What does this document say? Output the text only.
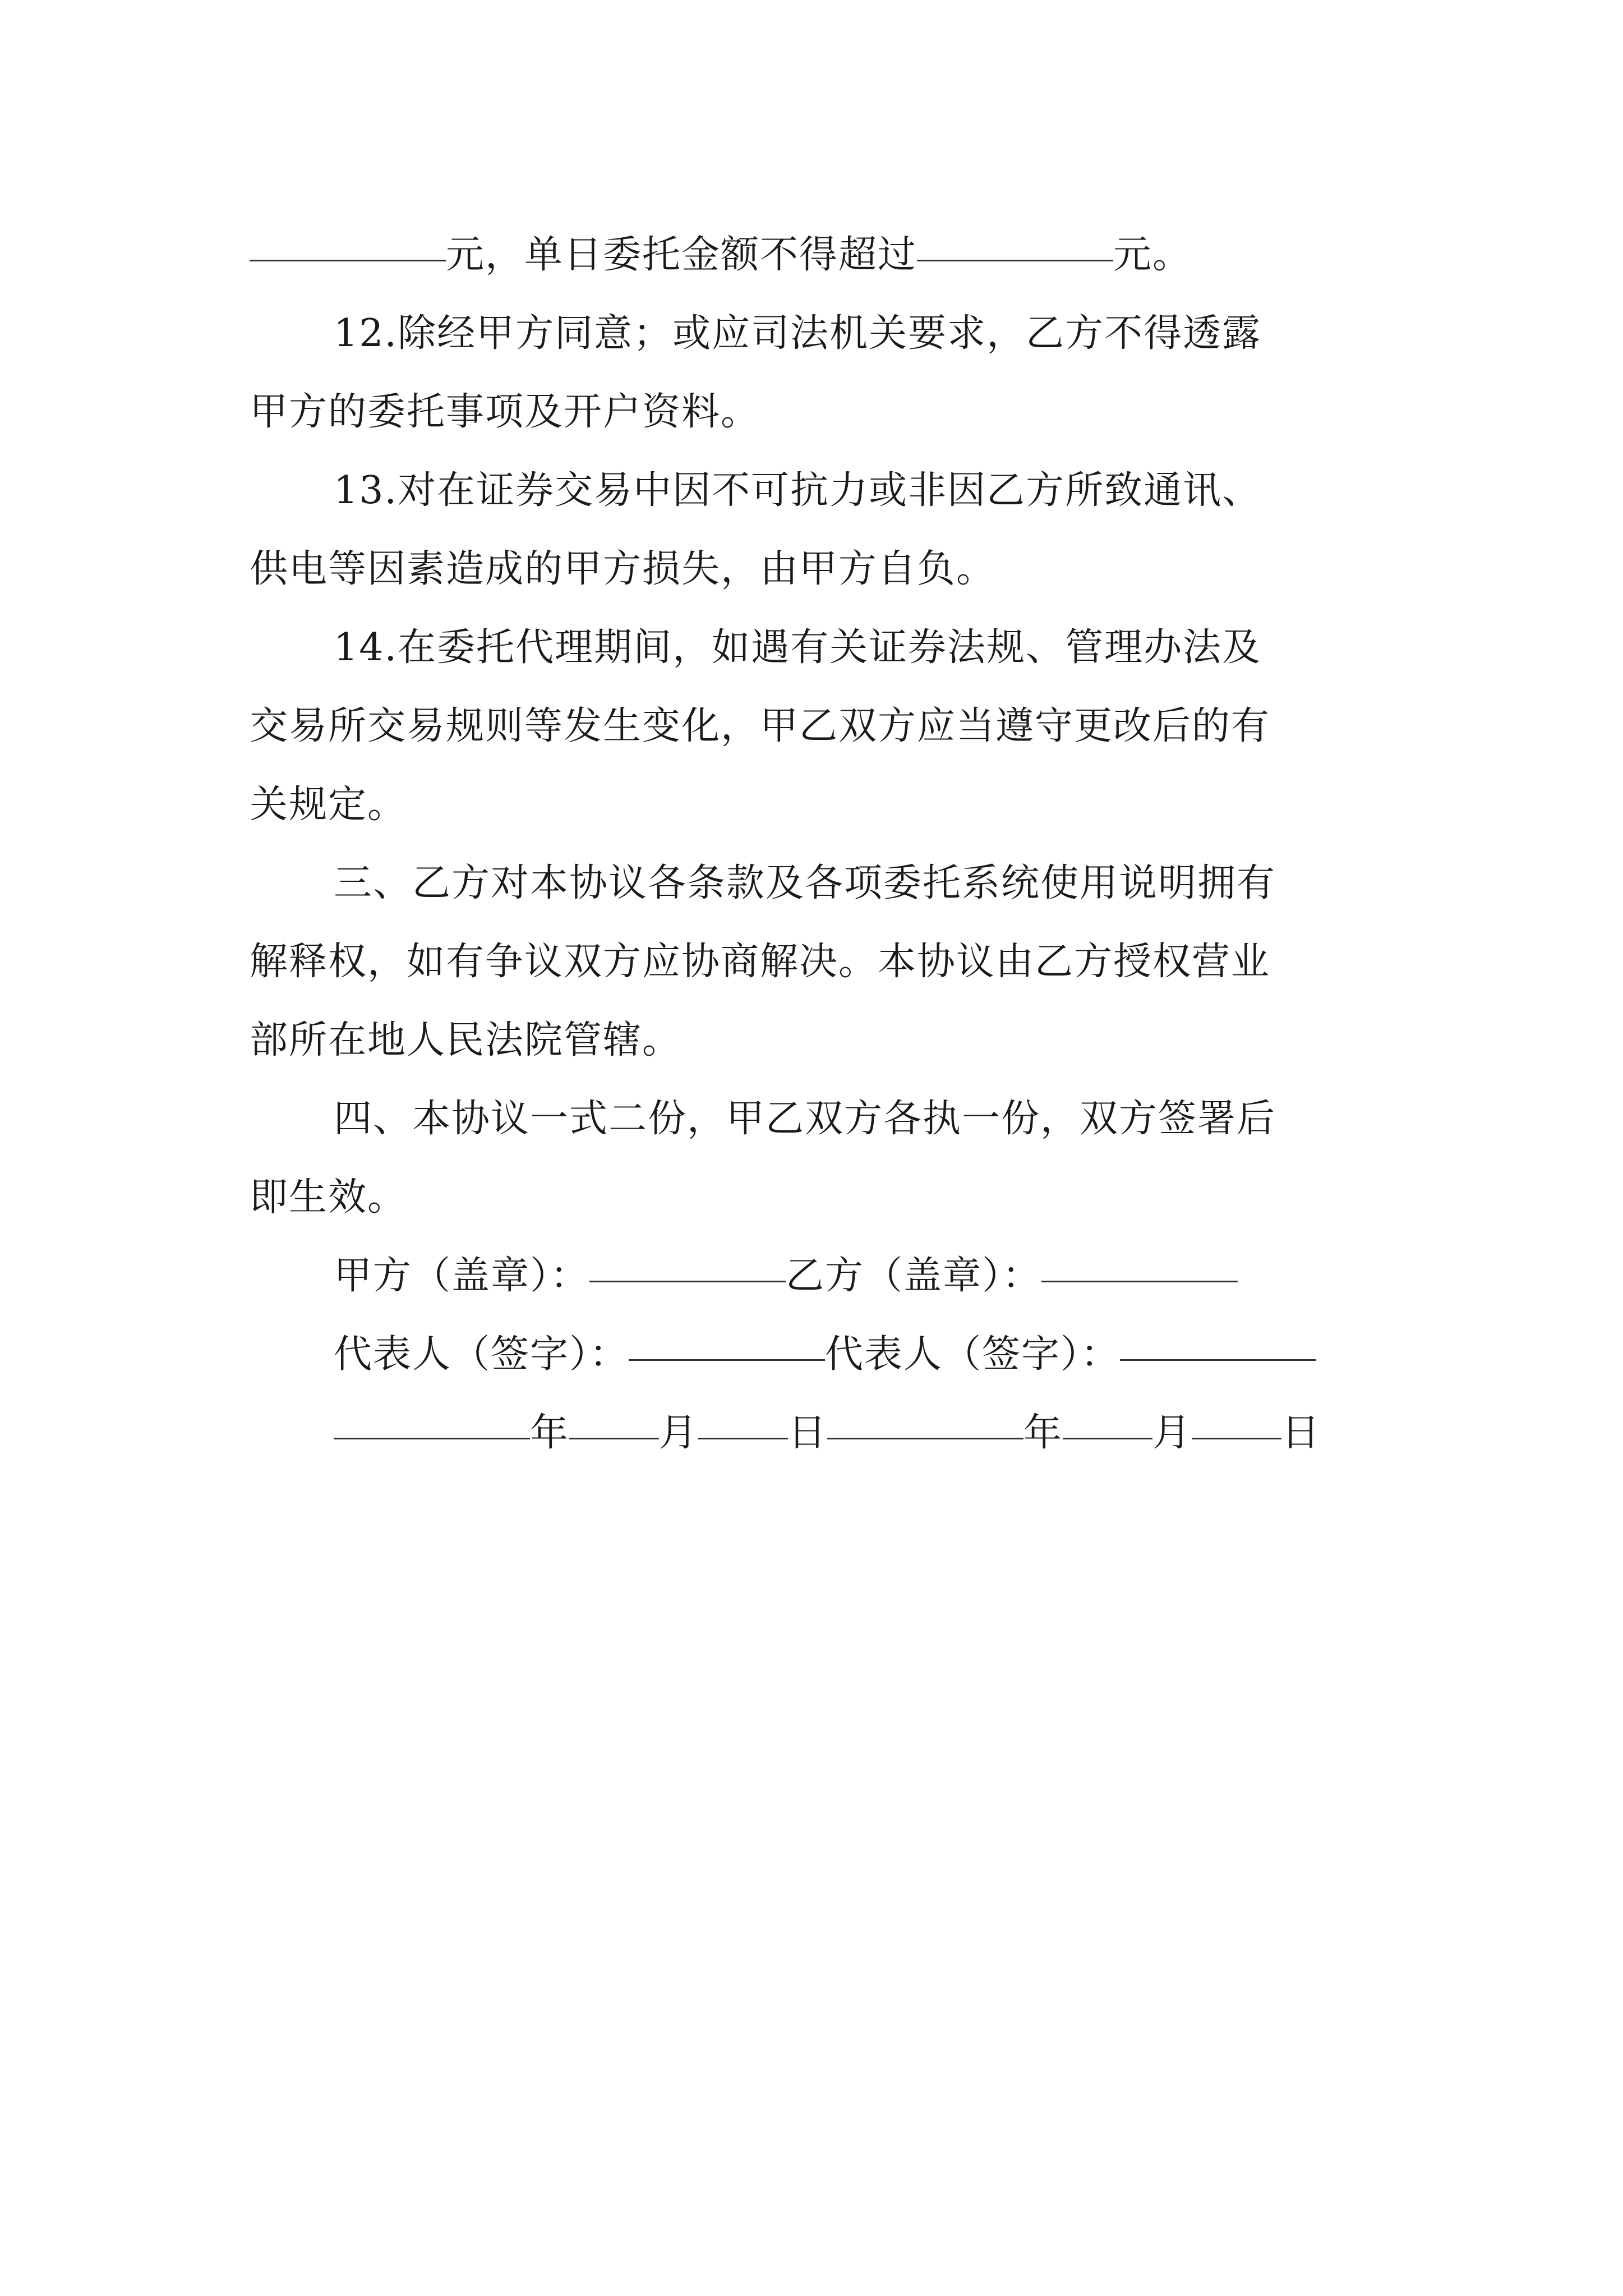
元，单日委托金额不得超过	元。
12.除经甲方同意；或应司法机关要求，乙方不得透露
甲方的委托事项及开户资料。
13.对在证券交易中因不可抗力或非因乙方所致通讯、
供电等因素造成的甲方损失，由甲方自负。
14.在委托代理期间，如遇有关证券法规、管理办法及
交易所交易规则等发生变化，甲乙双方应当遵守更改后的有
关规定。
三、乙方对本协议各条款及各项委托系统使用说明拥有
解释权，如有争议双方应协商解决。本协议由乙方授权营业
部所在地人民法院管辖。
四、本协议一式二份，甲乙双方各执一份，双方签署后
即生效。
甲方（盖章）：	乙方（盖章）：
代表人（签字）：	代表人（签字）：
年 月 日	年 月 日
